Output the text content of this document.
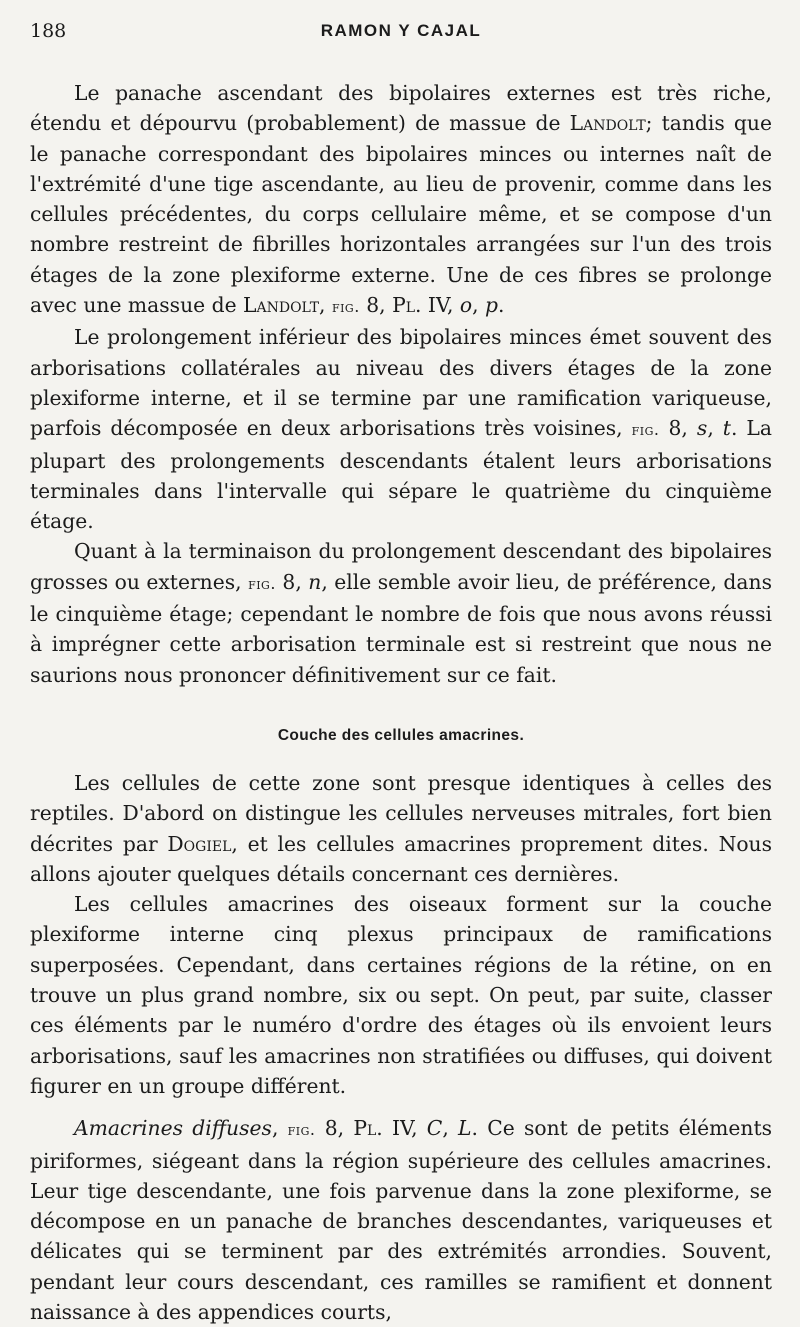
188	RAMON Y CAJAL

Le panache ascendant des bipolaires externes est très riche, étendu et dépourvu (probablement) de massue de Landolt; tandis que le panache correspondant des bipolaires minces ou internes naît de l'extrémité d'une tige ascendante, au lieu de provenir, comme dans les cellules précédentes, du corps cellulaire même, et se compose d'un nombre restreint de fibrilles horizontales arrangées sur l'un des trois étages de la zone plexiforme externe. Une de ces fibres se prolonge avec une massue de Landolt, fig. 8, Pl. IV, o, p.

Le prolongement inférieur des bipolaires minces émet souvent des arborisations collatérales au niveau des divers étages de la zone plexiforme interne, et il se termine par une ramification variqueuse, parfois décomposée en deux arborisations très voisines, fig. 8, s, t. La plupart des prolongements descendants étalent leurs arborisations terminales dans l'intervalle qui sépare le quatrième du cinquième étage.

Quant à la terminaison du prolongement descendant des bipolaires grosses ou externes, fig. 8, n, elle semble avoir lieu, de préférence, dans le cinquième étage; cependant le nombre de fois que nous avons réussi à imprégner cette arborisation terminale est si restreint que nous ne saurions nous prononcer définitivement sur ce fait.

Couche des cellules amacrines.

Les cellules de cette zone sont presque identiques à celles des reptiles. D'abord on distingue les cellules nerveuses mitrales, fort bien décrites par Dogiel, et les cellules amacrines proprement dites. Nous allons ajouter quelques détails concernant ces dernières.

Les cellules amacrines des oiseaux forment sur la couche plexiforme interne cinq plexus principaux de ramifications superposées. Cependant, dans certaines régions de la rétine, on en trouve un plus grand nombre, six ou sept. On peut, par suite, classer ces éléments par le numéro d'ordre des étages où ils envoient leurs arborisations, sauf les amacrines non stratifiées ou diffuses, qui doivent figurer en un groupe différent.

Amacrines diffuses, fig. 8, Pl. IV, C, L. Ce sont de petits éléments piriformes, siégeant dans la région supérieure des cellules amacrines. Leur tige descendante, une fois parvenue dans la zone plexiforme, se décompose en un panache de branches descendantes, variqueuses et délicates qui se terminent par des extrémités arrondies. Souvent, pendant leur cours descendant, ces ramilles se ramifient et donnent naissance à des appendices courts,
